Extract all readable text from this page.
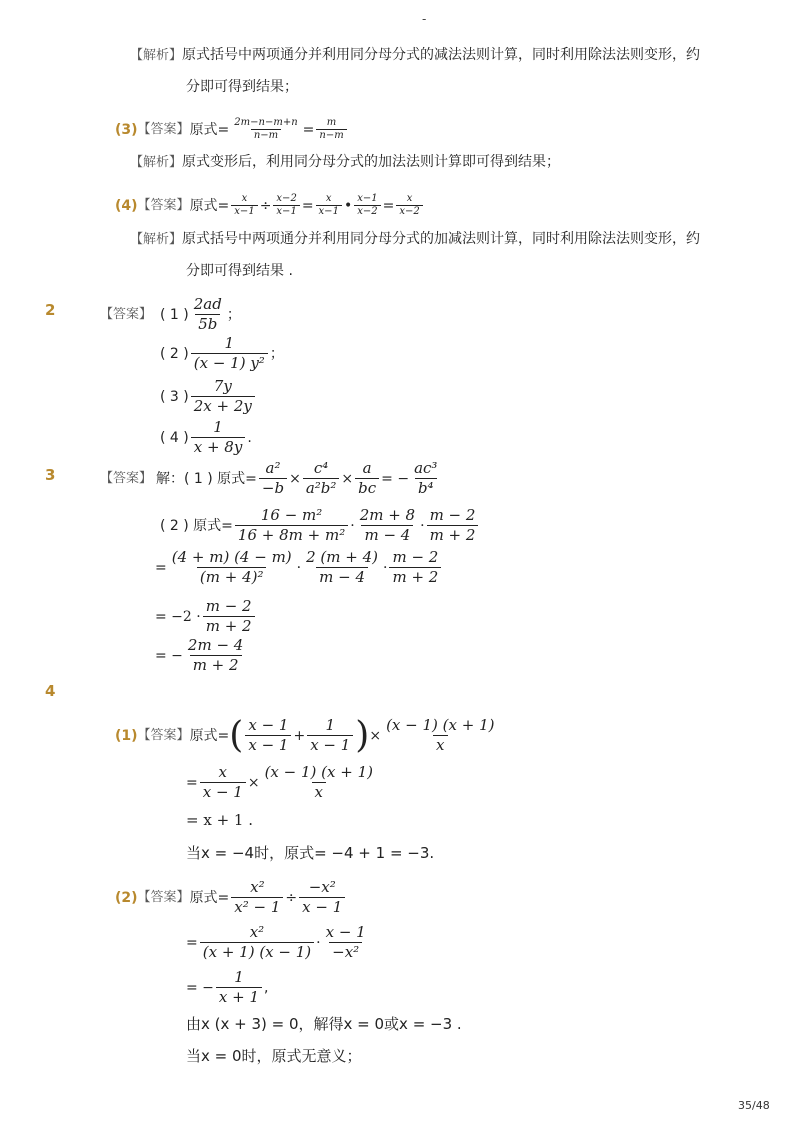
-
【解析】原式括号中两项通分并利用同分母分式的减法法则计算，同时利用除法法则变形，约
分即可得到结果；
(3) 【答案】 原式= $\frac{2m-n-m+n}{n-m} = \frac{m}{n-m}$
【解析】原式变形后，利用同分母分式的加法法则计算即可得到结果；
(4) 【答案】 原式= $\frac{x}{x-1} \div \frac{x-2}{x-1} = \frac{x}{x-1}$ • $\frac{x-1}{x-2} = \frac{x}{x-2}$
【解析】原式括号中两项通分并利用同分母分式的加减法则计算，同时利用除法法则变形，约
分即可得到结果 .
2	【答案】 ( 1 ) $\frac{2ad}{5b}$ ；
( 2 ) $\frac{1}{\text{(x − 1) y²}}$ ；
( 3 ) $\frac{7y}{2x + 2y}$
( 4 ) $\frac{1}{x + 8y}$ .
3	【答案】 解：( 1 ) 原式= $\frac{\text{a²}}{-b} \times \frac{\text{c⁴}}{\text{a²b²}} \times \frac{a}{bc}$ = − $\frac{\text{ac³}}{\text{b⁴}}$
( 2 ) 原式= $\frac{\text{16 − m²}}{\text{16 + 8m + m²}} \cdot \frac{2m + 8}{m - 4} \cdot \frac{m - 2}{m + 2}$
= $\frac{(4 + m) (4 - m)}{\text{(m + 4)²}} \cdot \frac{2 (m + 4)}{m - 4} \cdot \frac{m - 2}{m + 2}$
= $-2 \cdot \frac{m - 2}{m + 2}$
= − $\frac{2m - 4}{m + 2}$
4
(1) 【答案】 原式= ( $\frac{x - 1}{x - 1} + \frac{1}{x - 1}$ ) × $\frac{(x - 1) (x + 1)}{x}$
= $\frac{x}{x - 1} \times \frac{(x - 1) (x + 1)}{x}$
= x + 1 .
当x = −4时，原式= −4 + 1 = −3.
(2) 【答案】 原式= $\frac{\text{x²}}{\text{x² − 1}} \div \frac{\text{−x²}}{x - 1}$
= $\frac{\text{x²}}{(x + 1) (x - 1)} \cdot \frac{x - 1}{\text{−x²}}$
= − $\frac{1}{x + 1}$ ,
由x (x + 3) = 0，解得x = 0或x = −3 .
当x = 0时，原式无意义；
35/48
